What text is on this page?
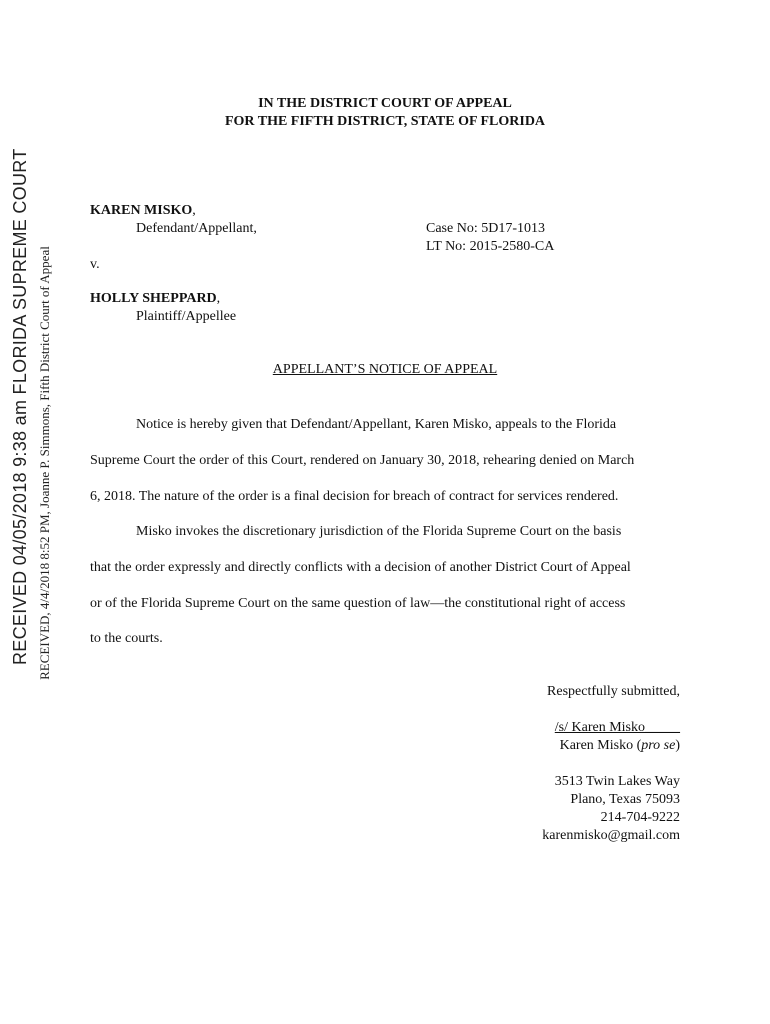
RECEIVED 04/05/2018 9:38 am FLORIDA SUPREME COURT RECEIVED, 4/4/2018 8:52 PM, Joanne P. Simmons, Fifth District Court of Appeal
IN THE DISTRICT COURT OF APPEAL
FOR THE FIFTH DISTRICT, STATE OF FLORIDA
KAREN MISKO,
Defendant/Appellant,	Case No: 5D17-1013
LT No: 2015-2580-CA
v.
HOLLY SHEPPARD,
Plaintiff/Appellee
APPELLANT’S NOTICE OF APPEAL
Notice is hereby given that Defendant/Appellant, Karen Misko, appeals to the Florida
Supreme Court the order of this Court, rendered on January 30, 2018, rehearing denied on March
6, 2018. The nature of the order is a final decision for breach of contract for services rendered.
Misko invokes the discretionary jurisdiction of the Florida Supreme Court on the basis
that the order expressly and directly conflicts with a decision of another District Court of Appeal
or of the Florida Supreme Court on the same question of law—the constitutional right of access
to the courts.
Respectfully submitted,
/s/ Karen Misko_____
Karen Misko (pro se)
3513 Twin Lakes Way
Plano, Texas 75093
214-704-9222
karenmisko@gmail.com
